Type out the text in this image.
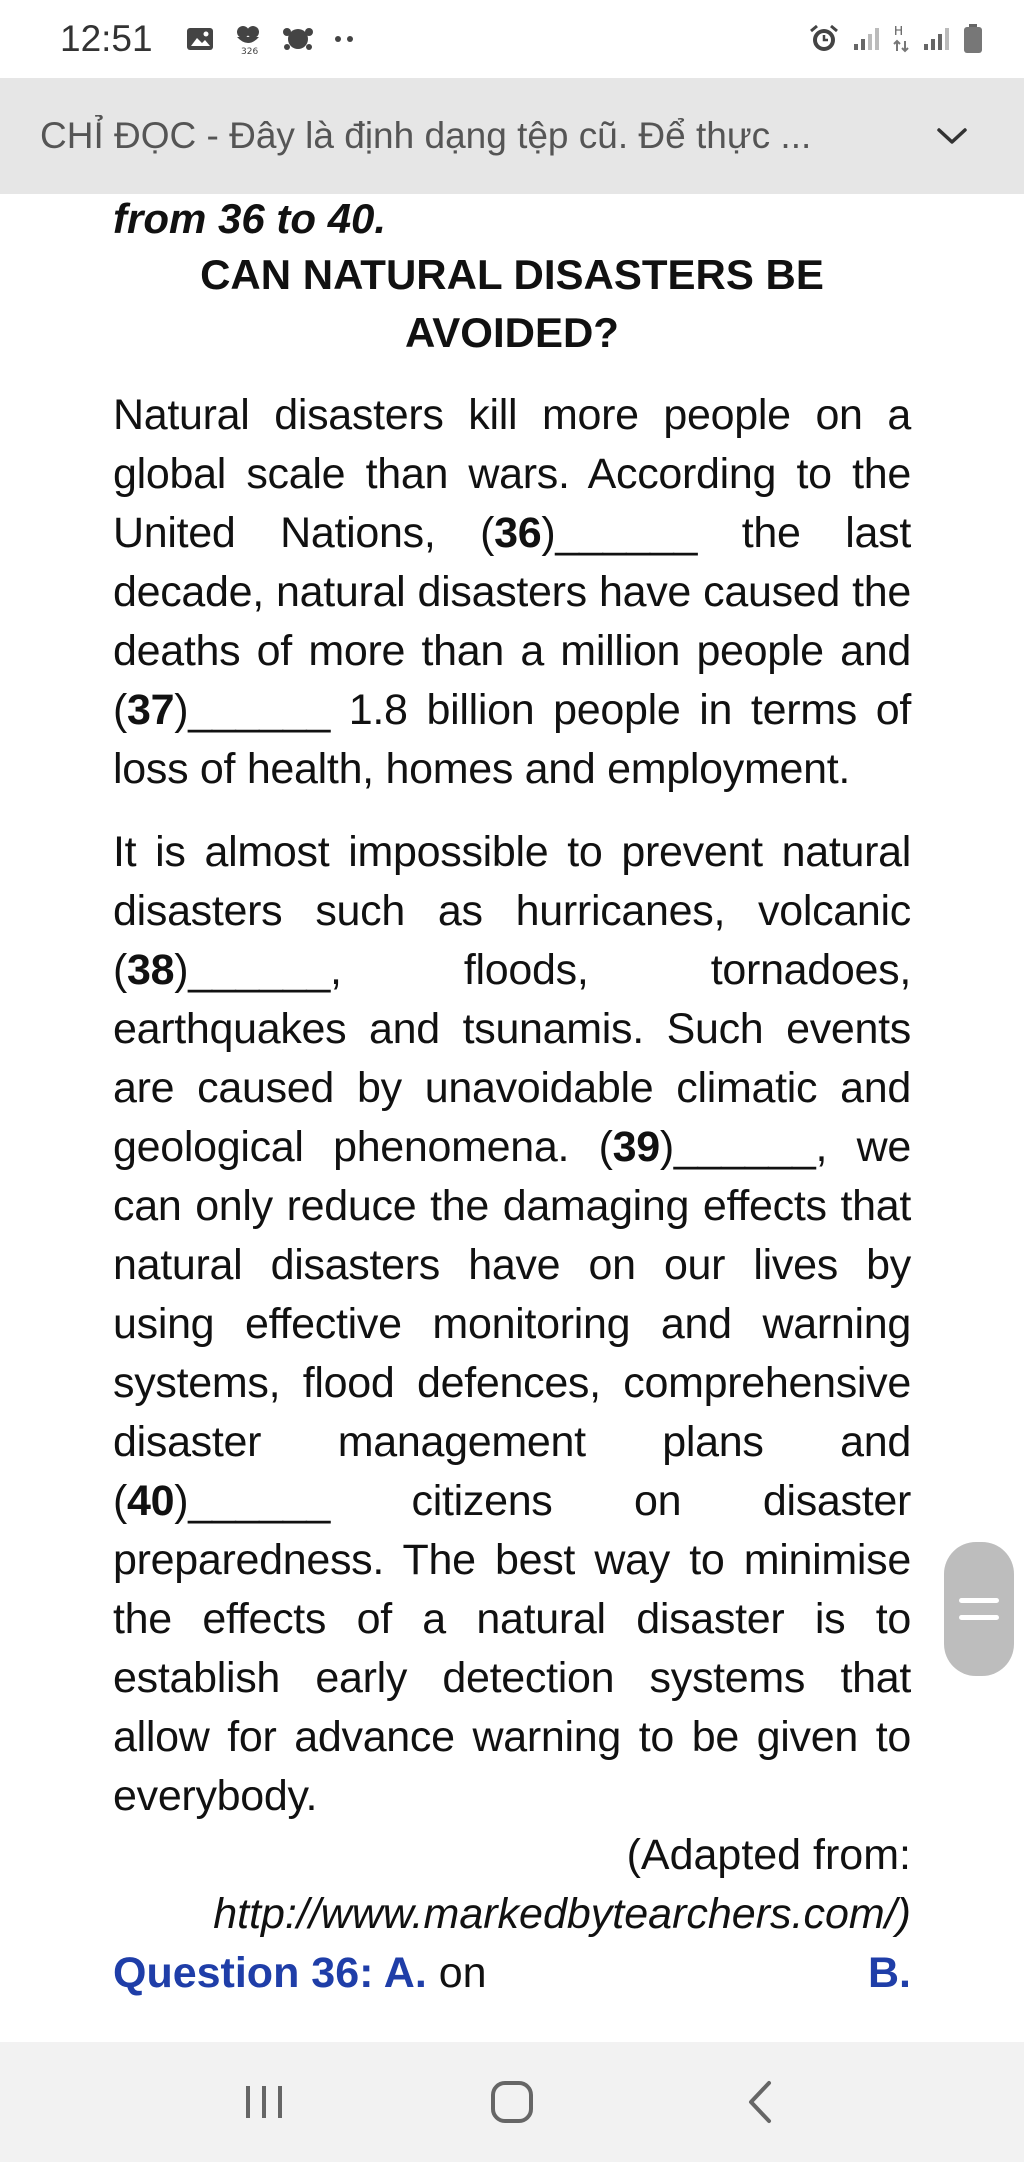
12:51	326
H
CHỈ ĐỌC - Đây là định dạng tệp cũ. Để thực ...
from 36 to 40.
CAN NATURAL DISASTERS BE
AVOIDED?

Natural disasters kill more people on a global scale than wars. According to the United Nations, (36)______ the last decade, natural disasters have caused the deaths of more than a million people and (37)______ 1.8 billion people in terms of loss of health, homes and employment.

It is almost impossible to prevent natural disasters such as hurricanes, volcanic (38)______, floods, tornadoes, earthquakes and tsunamis. Such events are caused by unavoidable climatic and geological phenomena. (39)______, we can only reduce the damaging effects that natural disasters have on our lives by using effective monitoring and warning systems, flood defences, comprehensive disaster management plans and (40)______ citizens on disaster preparedness. The best way to minimise the effects of a natural disaster is to establish early detection systems that allow for advance warning to be given to everybody.

(Adapted from:
http://www.markedbytearchers.com/)
Question 36: A. on	B.
